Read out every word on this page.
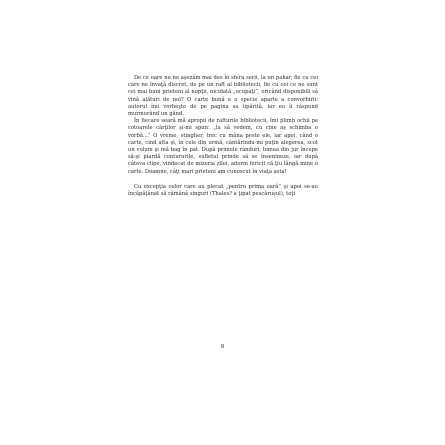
De ce oare nu ne aşezăm mai des în sfera serii, la un pahar, fie cu cei care ne învaţă discret, de pe un raft al bibliotecii, fie cu cei ce ne sunt cei mai buni prieteni al nopţii, nicidată „ocupaţi”, oricând disponibili să vină alături de noi? O carte bună e o specie aparte a convorbirii: autorul îmi vorbeşte de pe pagina sa tipărită, iar eu îi răspund murmurând un gând.

În fiecare seară mă apropii de rafturile bibliotecii, îmi plimb ochii pe cotoarele cărţilor şi-mi spun: „la să vedem, cu cine aş schimba o vorbă...” O vreme, stingher, trec cu mâna peste ele, iar apoi, când o carte, cind alta şi, în cele din urmă, cântărindu-mi puţin alegerea, scot un volum şi mă bag în pat. După primele rânduri, lumea din jur începe să-şi piardă contururile, sufletul prinde să se însenineze, iar după câteva clipe, vindecat de mizeria zilei, adorm fericit că ţiu lângă mine o carte. Doamne, câţi mari prieteni am cunoscut în viaţa asta!

Cu excepţia celor care au plecat „pentru prima oară” şi apoi se-au încăpăţânat să rămână singuri (Thales? a ţipat pescăruşul), toţi

8
